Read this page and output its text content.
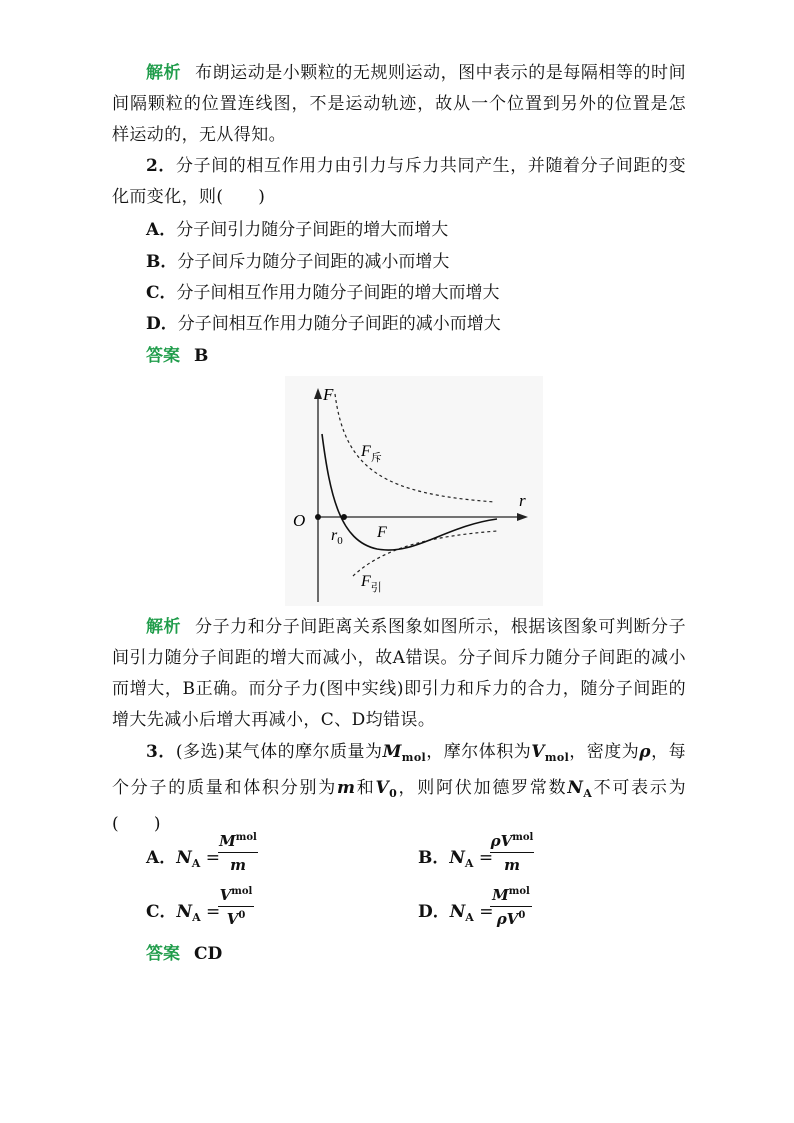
解析 布朗运动是小颗粒的无规则运动，图中表示的是每隔相等的时间间隔颗粒的位置连线图，不是运动轨迹，故从一个位置到另外的位置是怎样运动的，无从得知。
2．分子间的相互作用力由引力与斥力共同产生，并随着分子间距的变化而变化，则(　　)
A．分子间引力随分子间距的增大而增大
B．分子间斥力随分子间距的减小而增大
C．分子间相互作用力随分子间距的增大而增大
D．分子间相互作用力随分子间距的减小而增大
答案 B
F
r
O
$r_0$
$F_斥$
F
$F_引$
解析 分子力和分子间距离关系图象如图所示，根据该图象可判断分子间引力随分子间距的增大而减小，故A错误。分子间斥力随分子间距的减小而增大，B正确。而分子力(图中实线)即引力和斥力的合力，随分子间距的增大先减小后增大再减小，C、D均错误。
3．(多选)某气体的摩尔质量为$M_{mol}$，摩尔体积为$V_{mol}$，密度为ρ，每个分子的质量和体积分别为m和$V_0$，则阿伏加德罗常数$N_A$不可表示为(　　)
A．$N_A$ =
$M^{mol}$
m	B．$N_A$ =
$\rho V^{mol}$
m
C．$N_A$ =
$V^{mol}$
$V^0$	D．$N_A$ =
$M^{mol}$
$\rho V^0$
答案 CD
